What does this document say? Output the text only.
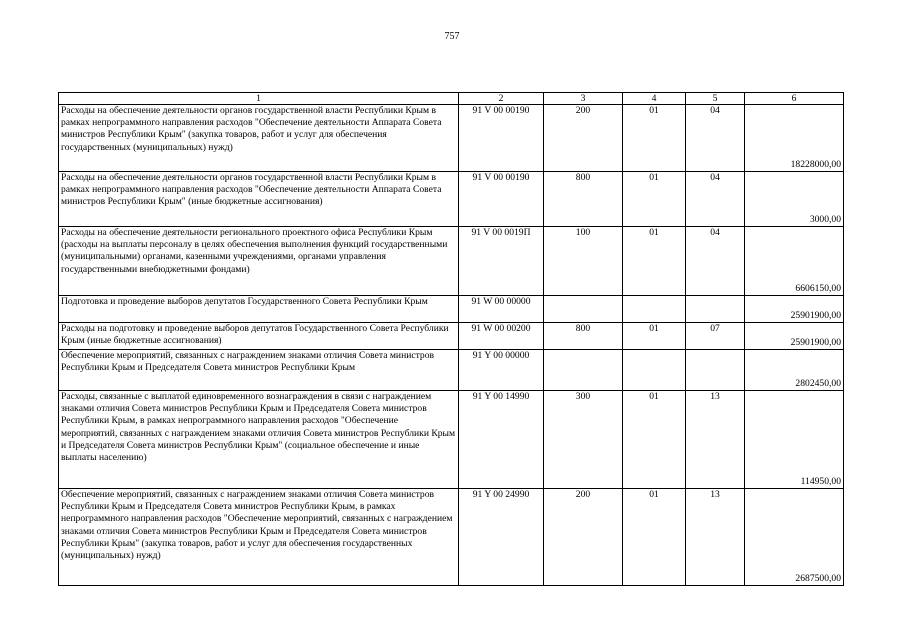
757
1	2	3	4	5	6
Расходы на обеспечение деятельности органов государственной власти Республики Крым в рамках непрограммного направления расходов "Обеспечение деятельности Аппарата Совета министров Республики Крым" (закупка товаров, работ и услуг для обеспечения государственных (муниципальных) нужд)	91 V 00 00190	200	01	04	18228000,00
Расходы на обеспечение деятельности органов государственной власти Республики Крым в рамках непрограммного направления расходов "Обеспечение деятельности Аппарата Совета министров Республики Крым" (иные бюджетные ассигнования)	91 V 00 00190	800	01	04	3000,00
Расходы на обеспечение деятельности регионального проектного офиса Республики Крым (расходы на выплаты персоналу в целях обеспечения выполнения функций государственными (муниципальными) органами, казенными учреждениями, органами управления государственными внебюджетными фондами)	91 V 00 0019П	100	01	04	6606150,00
Подготовка и проведение выборов депутатов Государственного Совета Республики Крым	91 W 00 00000				25901900,00
Расходы на подготовку и проведение выборов депутатов Государственного Совета Республики Крым (иные бюджетные ассигнования)	91 W 00 00200	800	01	07	25901900,00
Обеспечение мероприятий, связанных с награждением знаками отличия Совета министров Республики Крым и Председателя Совета министров Республики Крым	91 Y 00 00000				2802450,00
Расходы, связанные с выплатой единовременного вознаграждения в связи с награждением знаками отличия Совета министров Республики Крым и Председателя Совета министров Республики Крым, в рамках непрограммного направления расходов "Обеспечение мероприятий, связанных с награждением знаками отличия Совета министров Республики Крым и Председателя Совета министров Республики Крым" (социальное обеспечение и иные выплаты населению)	91 Y 00 14990	300	01	13	114950,00
Обеспечение мероприятий, связанных с награждением знаками отличия Совета министров Республики Крым и Председателя Совета министров Республики Крым, в рамках непрограммного направления расходов "Обеспечение мероприятий, связанных с награждением знаками отличия Совета министров Республики Крым и Председателя Совета министров Республики Крым" (закупка товаров, работ и услуг для обеспечения государственных (муниципальных) нужд)	91 Y 00 24990	200	01	13	2687500,00
